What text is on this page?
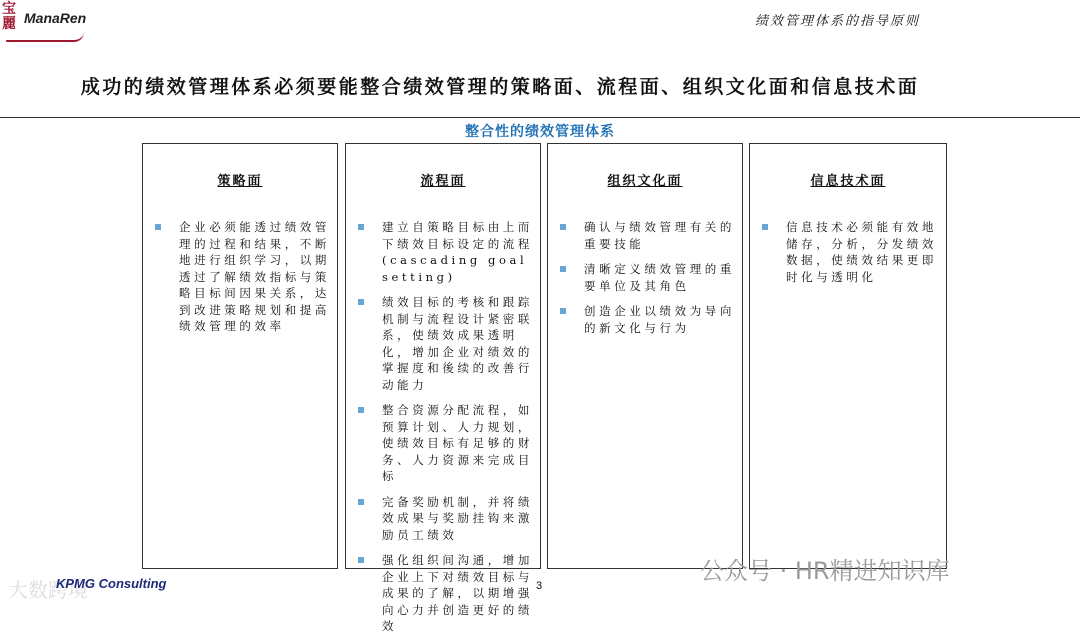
宝
麗 ManaRen	绩效管理体系的指导原则
成功的绩效管理体系必须要能整合绩效管理的策略面、流程面、组织文化面和信息技术面
整合性的绩效管理体系
策略面
企业必须能透过绩效管理的过程和结果，不断地进行组织学习，以期透过了解绩效指标与策略目标间因果关系，达到改进策略规划和提高绩效管理的效率
流程面
建立自策略目标由上而下绩效目标设定的流程 (cascading goal setting)
绩效目标的考核和跟踪机制与流程设计紧密联系，使绩效成果透明化，增加企业对绩效的掌握度和後续的改善行动能力
整合资源分配流程，如预算计划、人力规划，使绩效目标有足够的财务、人力资源来完成目标
完备奖励机制，并将绩效成果与奖励挂钩来激励员工绩效
强化组织间沟通，增加企业上下对绩效目标与成果的了解，以期增强向心力并创造更好的绩效
组织文化面
确认与绩效管理有关的重要技能
清晰定义绩效管理的重要单位及其角色
创造企业以绩效为导向的新文化与行为
信息技术面
信息技术必须能有效地储存，分析，分发绩效数据，使绩效结果更即时化与透明化
大数跨境
KPMG Consulting	3
公众号 · HR精进知识库
